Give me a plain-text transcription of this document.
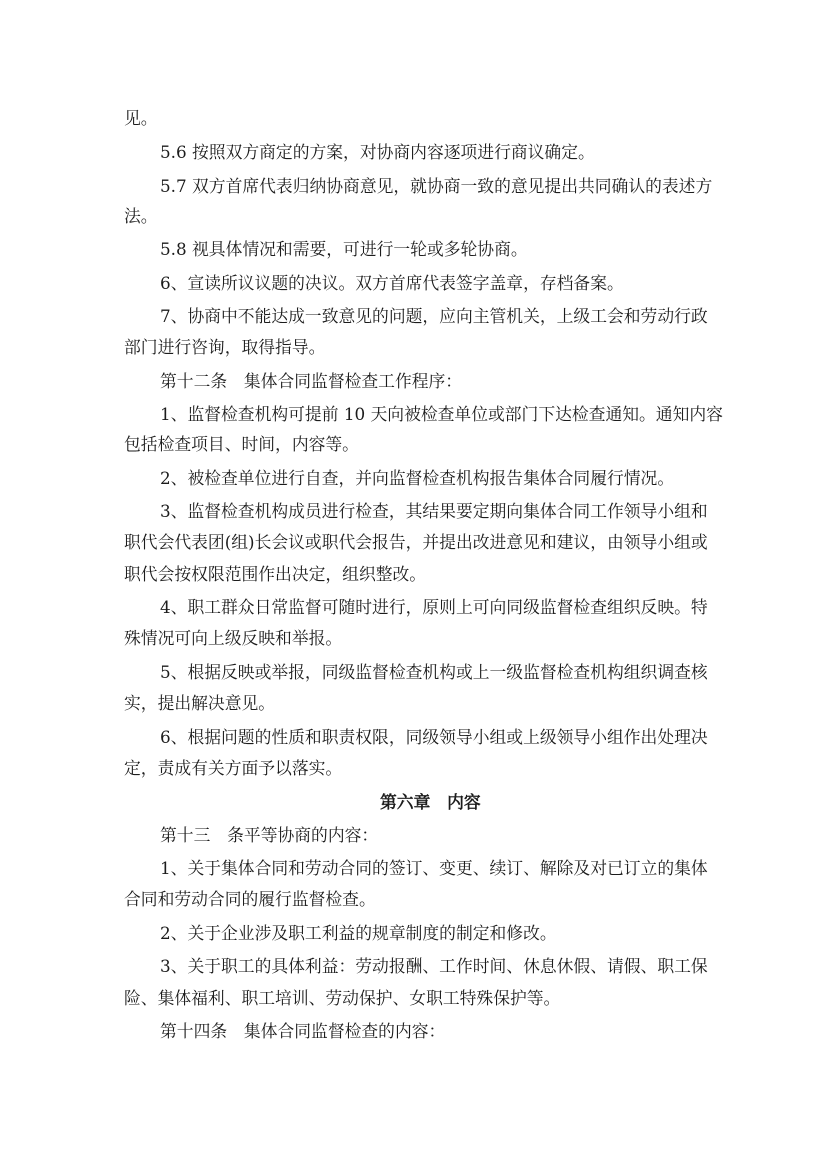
见。
5.6 按照双方商定的方案，对协商内容逐项进行商议确定。
5.7 双方首席代表归纳协商意见，就协商一致的意见提出共同确认的表述方
法。
5.8 视具体情况和需要，可进行一轮或多轮协商。
6、宣读所议议题的决议。双方首席代表签字盖章，存档备案。
7、协商中不能达成一致意见的问题，应向主管机关，上级工会和劳动行政
部门进行咨询，取得指导。
第十二条　集体合同监督检查工作程序：
1、监督检查机构可提前 10 天向被检查单位或部门下达检查通知。通知内容
包括检查项目、时间，内容等。
2、被检查单位进行自查，并向监督检查机构报告集体合同履行情况。
3、监督检查机构成员进行检查，其结果要定期向集体合同工作领导小组和
职代会代表团(组)长会议或职代会报告，并提出改进意见和建议，由领导小组或
职代会按权限范围作出决定，组织整改。
4、职工群众日常监督可随时进行，原则上可向同级监督检查组织反映。特
殊情况可向上级反映和举报。
5、根据反映或举报，同级监督检查机构或上一级监督检查机构组织调查核
实，提出解决意见。
6、根据问题的性质和职责权限，同级领导小组或上级领导小组作出处理决
定，责成有关方面予以落实。
第六章　内容
第十三　条平等协商的内容：
1、关于集体合同和劳动合同的签订、变更、续订、解除及对已订立的集体
合同和劳动合同的履行监督检查。
2、关于企业涉及职工利益的规章制度的制定和修改。
3、关于职工的具体利益：劳动报酬、工作时间、休息休假、请假、职工保
险、集体福利、职工培训、劳动保护、女职工特殊保护等。
第十四条　集体合同监督检查的内容：
